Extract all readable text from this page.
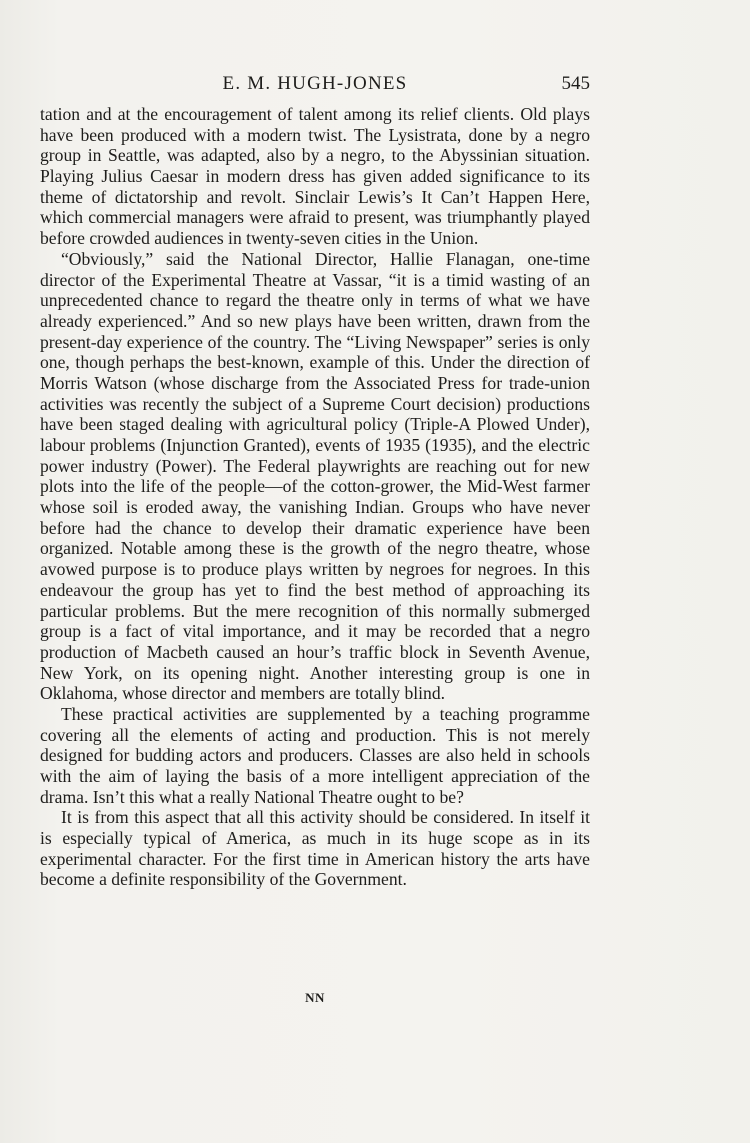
E. M. HUGH-JONES	545

tation and at the encouragement of talent among its relief clients. Old plays have been produced with a modern twist. The Lysistrata, done by a negro group in Seattle, was adapted, also by a negro, to the Abyssinian situation. Playing Julius Caesar in modern dress has given added significance to its theme of dictatorship and revolt. Sinclair Lewis’s It Can’t Happen Here, which commercial managers were afraid to present, was triumphantly played before crowded audiences in twenty-seven cities in the Union.

“Obviously,” said the National Director, Hallie Flanagan, one-time director of the Experimental Theatre at Vassar, “it is a timid wasting of an unprecedented chance to regard the theatre only in terms of what we have already experienced.” And so new plays have been written, drawn from the present-day experience of the country. The “Living Newspaper” series is only one, though perhaps the best-known, example of this. Under the direction of Morris Watson (whose discharge from the Associated Press for trade-union activities was recently the subject of a Supreme Court decision) productions have been staged dealing with agricultural policy (Triple-A Plowed Under), labour problems (Injunction Granted), events of 1935 (1935), and the electric power industry (Power). The Federal playwrights are reaching out for new plots into the life of the people—of the cotton-grower, the Mid-West farmer whose soil is eroded away, the vanishing Indian. Groups who have never before had the chance to develop their dramatic experience have been organized. Notable among these is the growth of the negro theatre, whose avowed purpose is to produce plays written by negroes for negroes. In this endeavour the group has yet to find the best method of approaching its particular problems. But the mere recognition of this normally submerged group is a fact of vital importance, and it may be recorded that a negro production of Macbeth caused an hour’s traffic block in Seventh Avenue, New York, on its opening night. Another interesting group is one in Oklahoma, whose director and members are totally blind.

These practical activities are supplemented by a teaching programme covering all the elements of acting and production. This is not merely designed for budding actors and producers. Classes are also held in schools with the aim of laying the basis of a more intelligent appreciation of the drama. Isn’t this what a really National Theatre ought to be?

It is from this aspect that all this activity should be considered. In itself it is especially typical of America, as much in its huge scope as in its experimental character. For the first time in American history the arts have become a definite responsibility of the Government.

NN
